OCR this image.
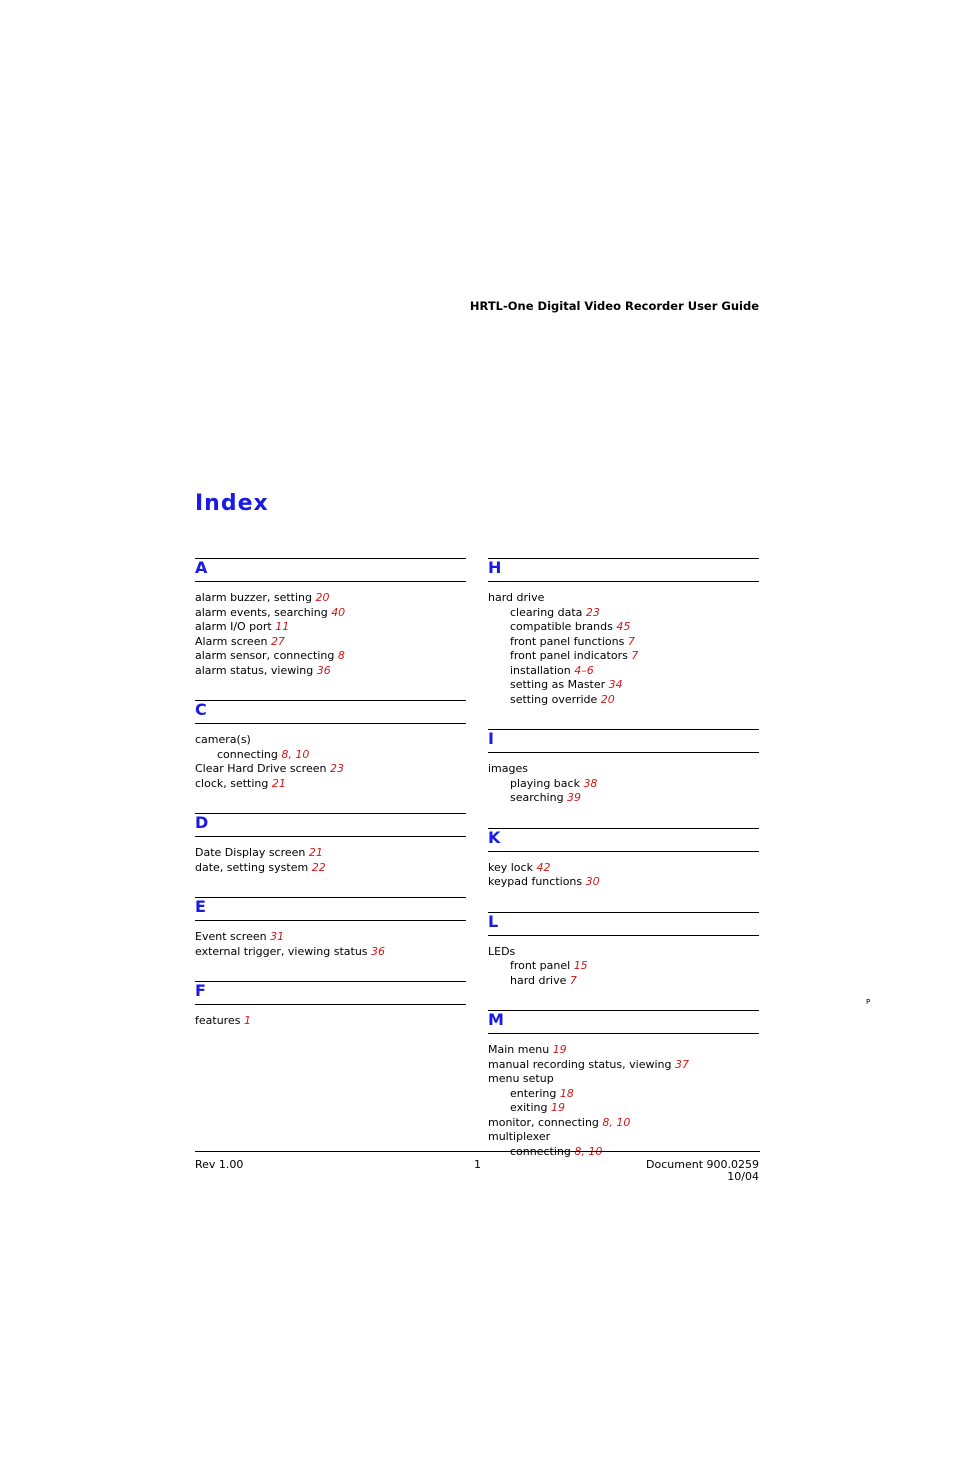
HRTL-One Digital Video Recorder User Guide
Index
A
alarm buzzer, setting 20
alarm events, searching 40
alarm I/O port 11
Alarm screen 27
alarm sensor, connecting 8
alarm status, viewing 36
C
camera(s)
connecting 8, 10
Clear Hard Drive screen 23
clock, setting 21
D
Date Display screen 21
date, setting system 22
E
Event screen 31
external trigger, viewing status 36
F
features 1
H
hard drive
clearing data 23
compatible brands 45
front panel functions 7
front panel indicators 7
installation 4–6
setting as Master 34
setting override 20
I
images
playing back 38
searching 39
K
key lock 42
keypad functions 30
L
LEDs
front panel 15
hard drive 7
M
Main menu 19
manual recording status, viewing 37
menu setup
entering 18
exiting 19
monitor, connecting 8, 10
multiplexer
connecting 8, 10
Rev 1.00	1	Document 900.0259
10/04
P
